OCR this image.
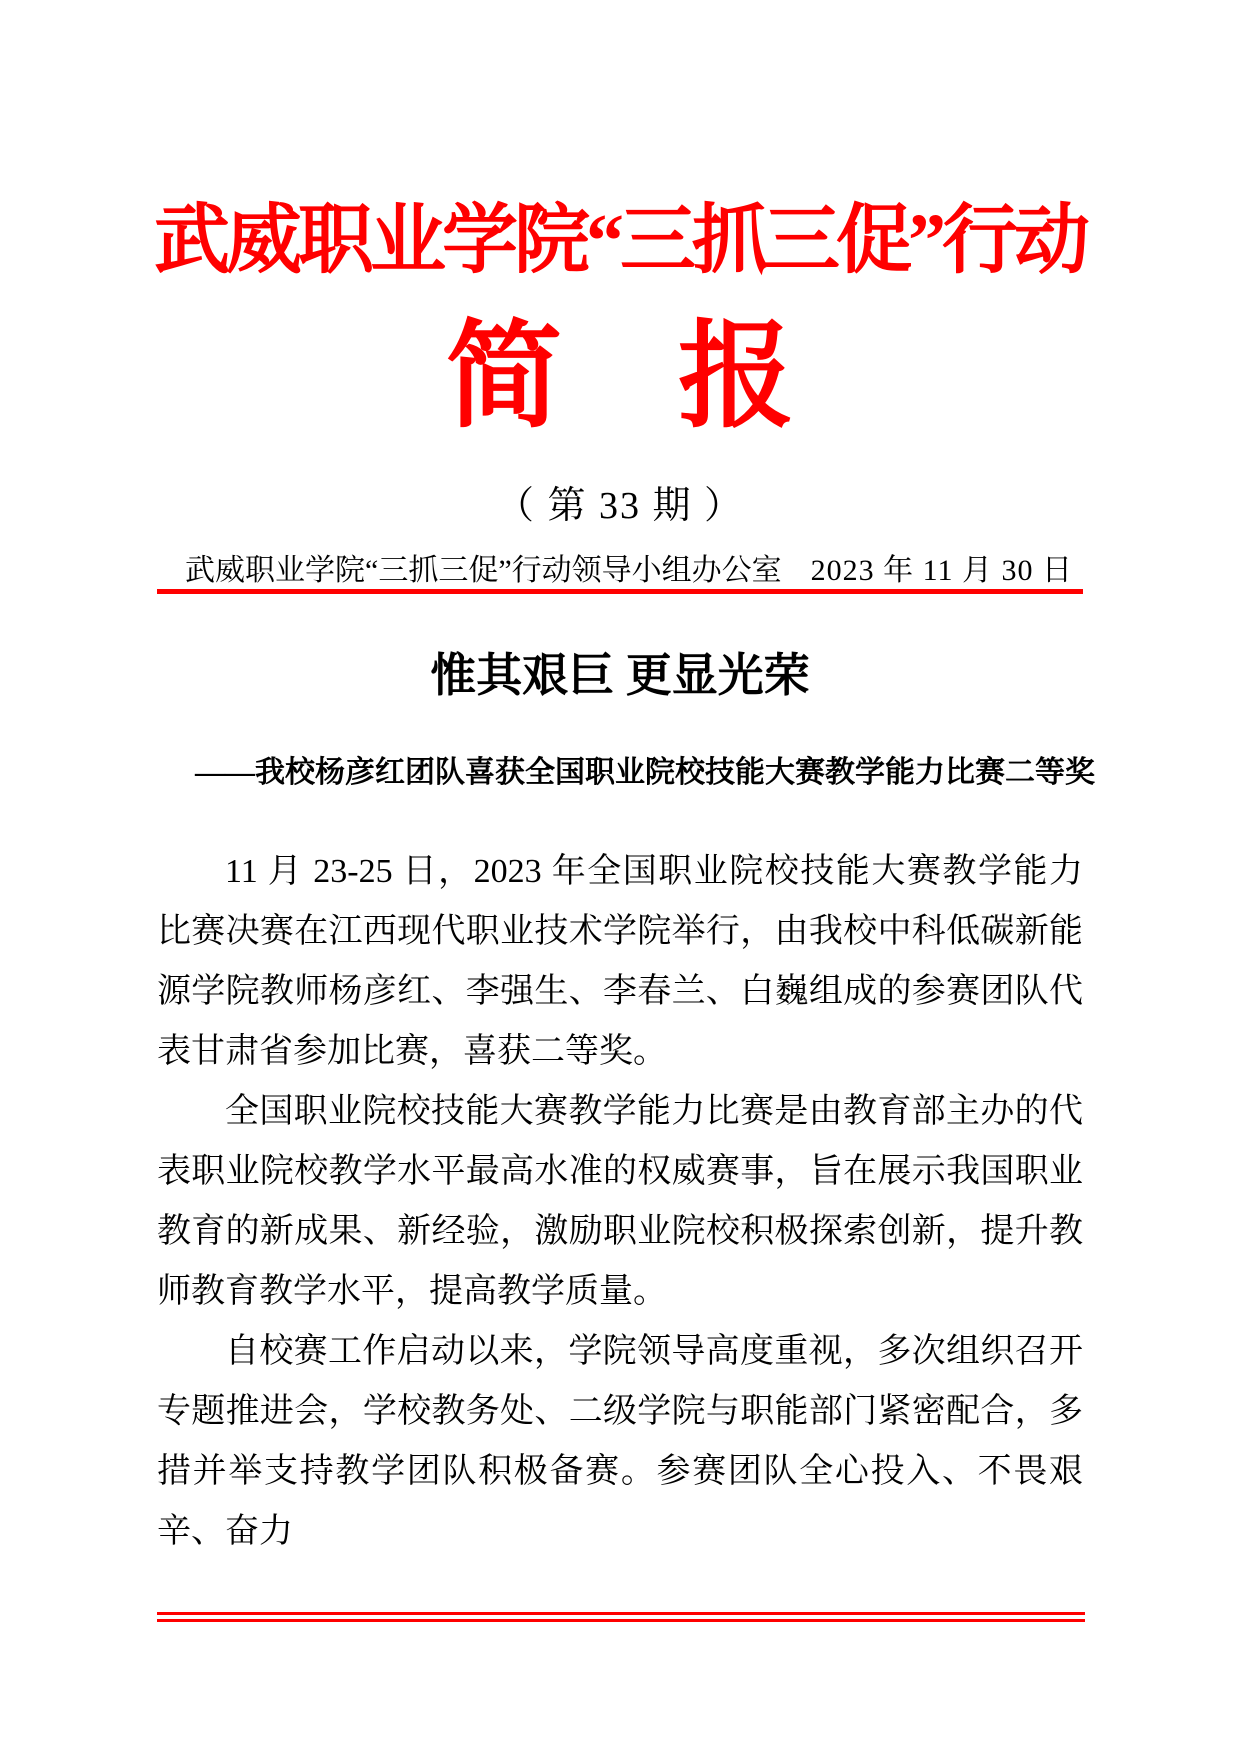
武威职业学院“三抓三促”行动
简　报
（ 第 33 期 ）
武威职业学院“三抓三促”行动领导小组办公室 2023 年 11 月 30 日
惟其艰巨 更显光荣
——我校杨彦红团队喜获全国职业院校技能大赛教学能力比赛二等奖

11 月 23-25 日，2023 年全国职业院校技能大赛教学能力比赛决赛在江西现代职业技术学院举行，由我校中科低碳新能源学院教师杨彦红、李强生、李春兰、白巍组成的参赛团队代表甘肃省参加比赛，喜获二等奖。

全国职业院校技能大赛教学能力比赛是由教育部主办的代表职业院校教学水平最高水准的权威赛事，旨在展示我国职业教育的新成果、新经验，激励职业院校积极探索创新，提升教师教育教学水平，提高教学质量。

自校赛工作启动以来，学院领导高度重视，多次组织召开专题推进会，学校教务处、二级学院与职能部门紧密配合，多措并举支持教学团队积极备赛。参赛团队全心投入、不畏艰辛、奋力
